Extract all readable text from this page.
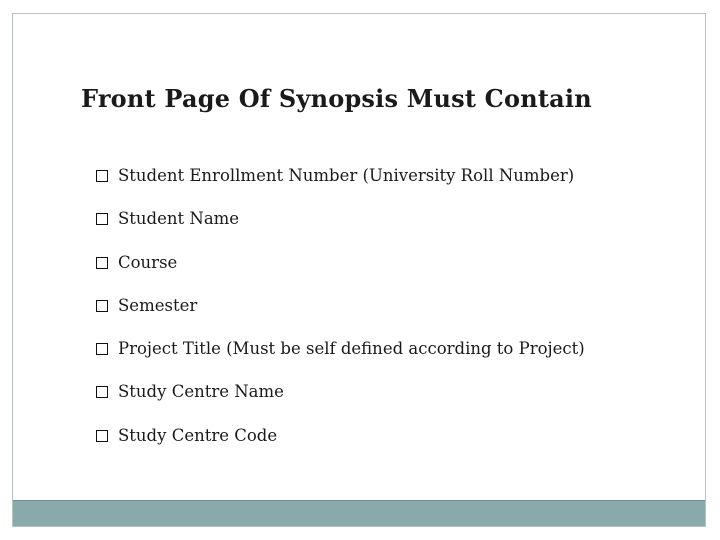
Front Page Of Synopsis Must Contain
Student Enrollment Number (University Roll Number)
Student Name
Course
Semester
Project Title (Must be self defined according to Project)
Study Centre Name
Study Centre Code
